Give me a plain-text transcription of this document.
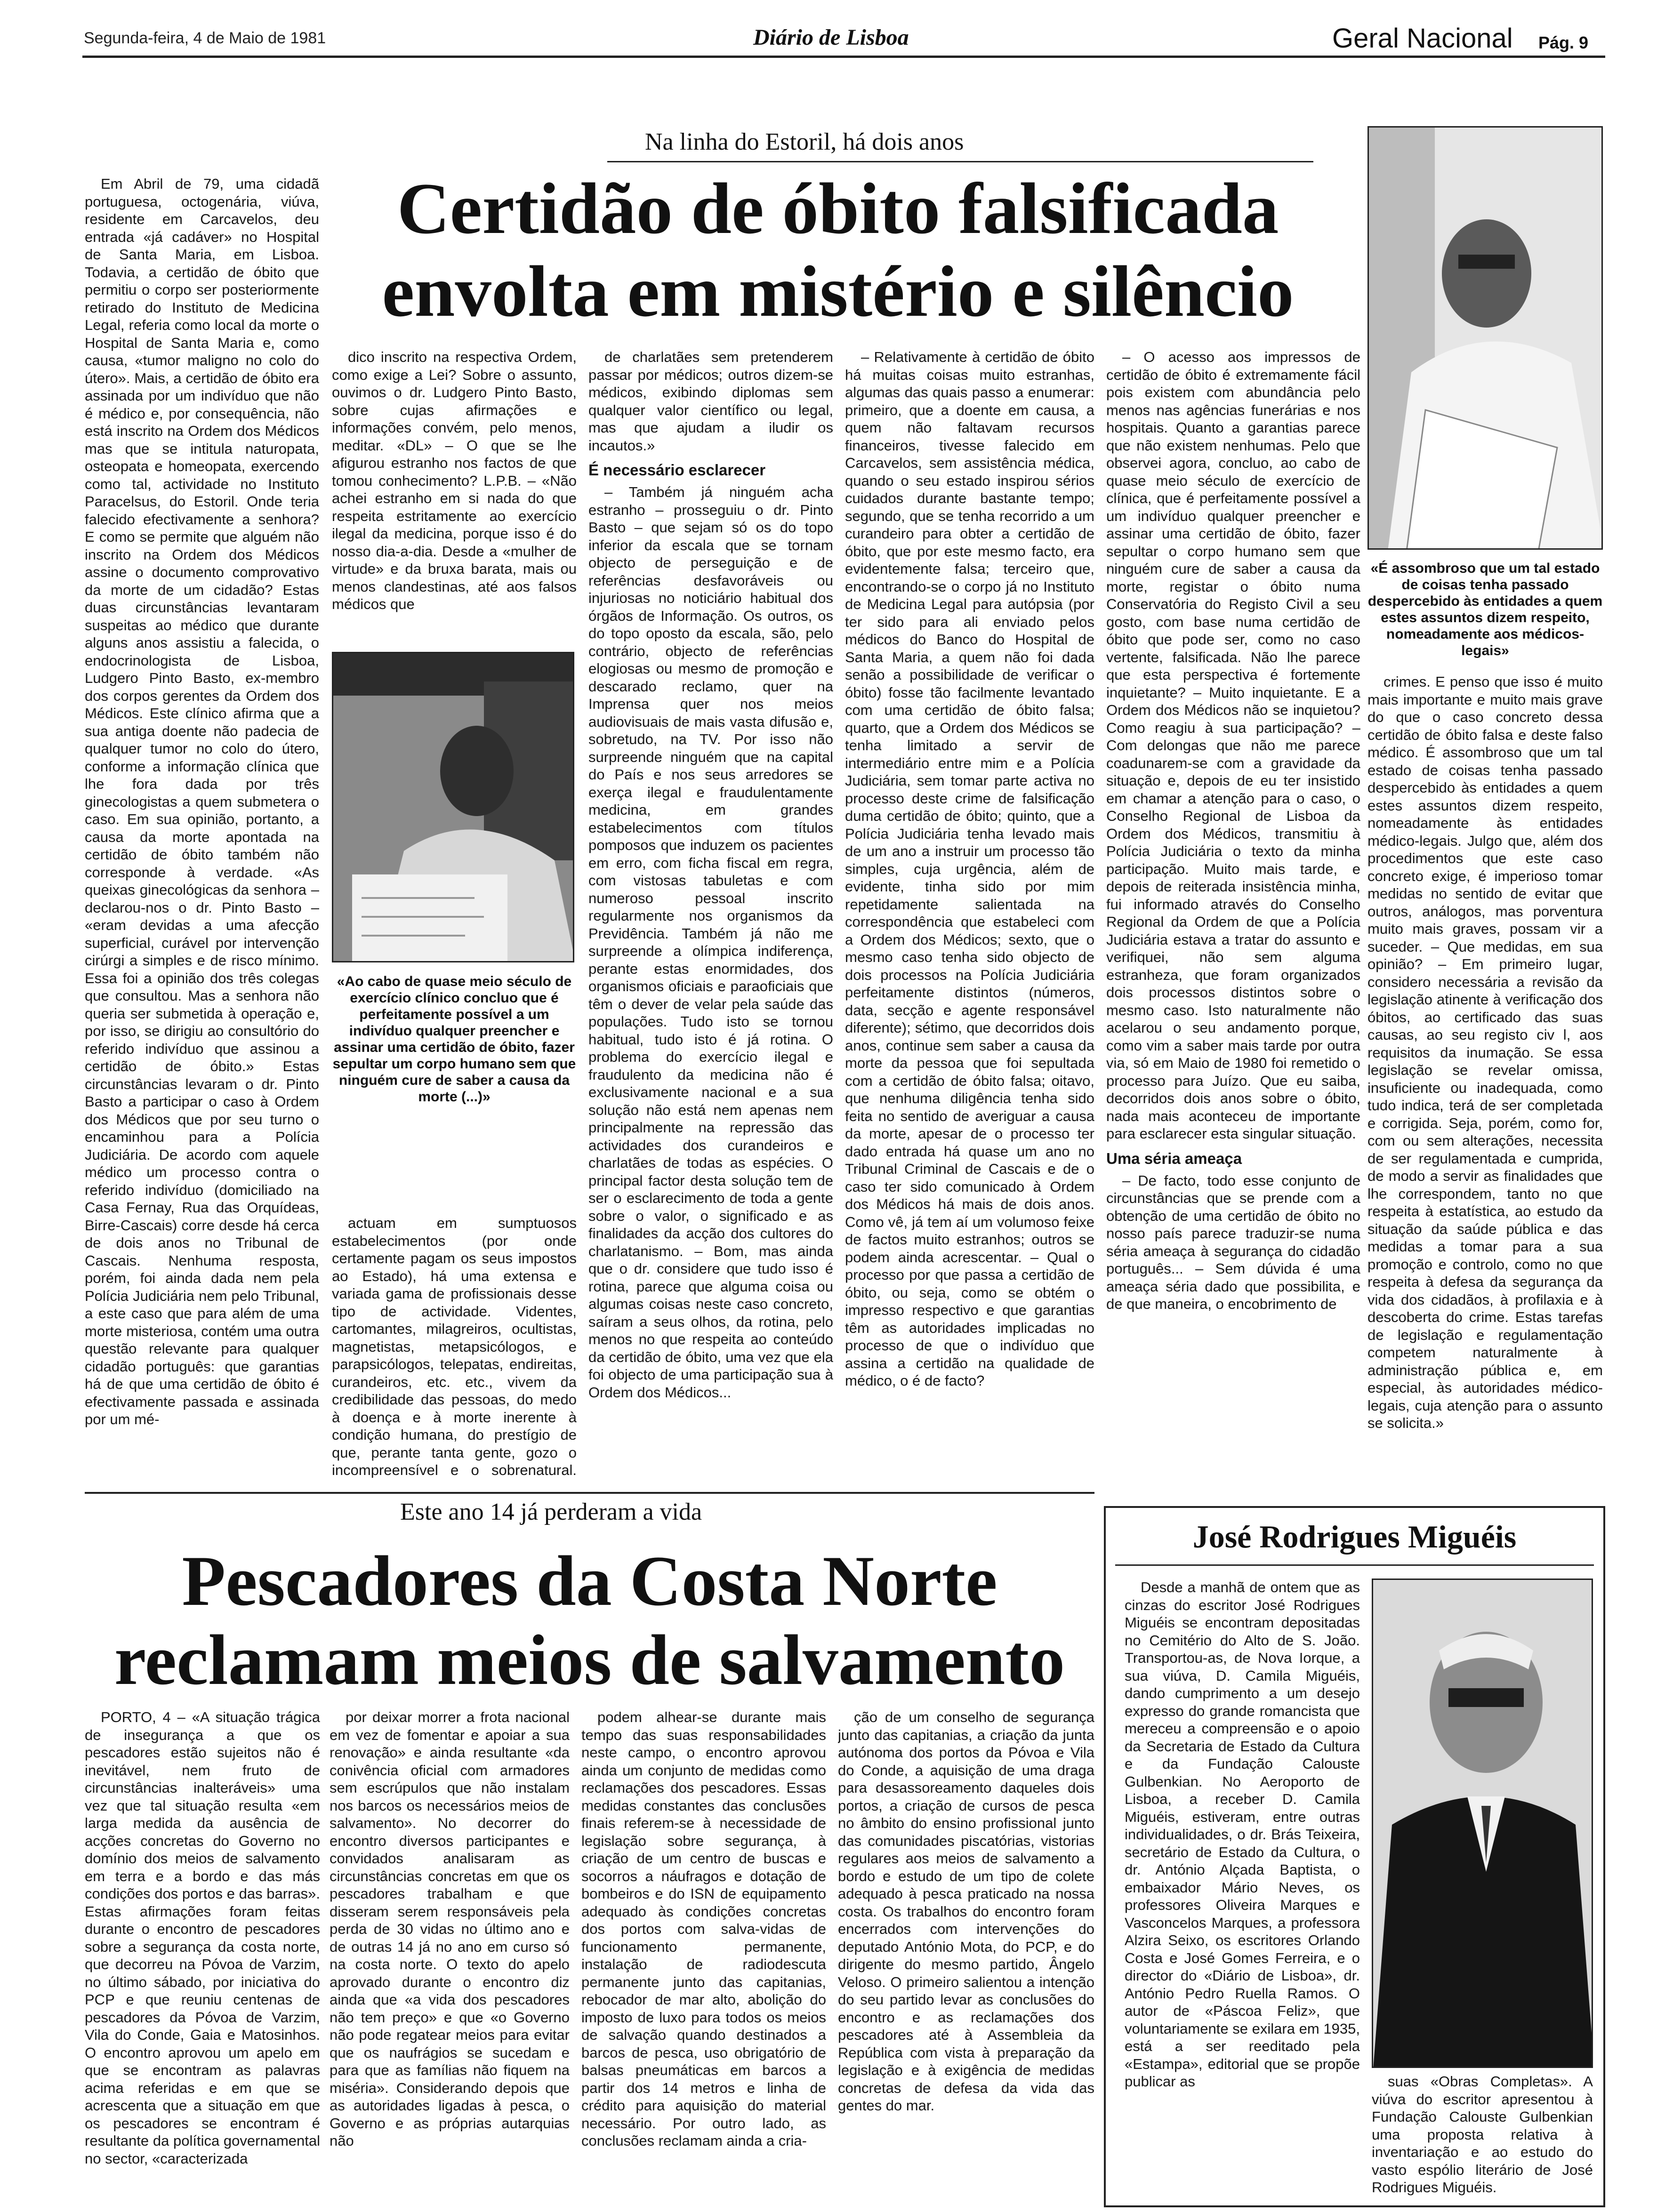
Segunda-feira, 4 de Maio de 1981	Diário de Lisboa	Geral Nacional Pág. 9
Na linha do Estoril, há dois anos
Certidão de óbito falsificada
envolta em mistério e silêncio

Em Abril de 79, uma cidadã portuguesa, octogenária, viúva, residente em Carcavelos, deu entrada «já cadáver» no Hospital de Santa Maria, em Lisboa. Todavia, a certidão de óbito que permitiu o corpo ser posteriormente retirado do Instituto de Medicina Legal, referia como local da morte o Hospital de Santa Maria e, como causa, «tumor maligno no colo do útero». Mais, a certidão de óbito era assinada por um indivíduo que não é médico e, por consequência, não está inscrito na Ordem dos Médicos mas que se intitula naturopata, osteopata e homeopata, exercendo como tal, actividade no Instituto Paracelsus, do Estoril. Onde teria falecido efectivamente a senhora? E como se permite que alguém não inscrito na Ordem dos Médicos assine o documento comprovativo da morte de um cidadão? Estas duas circunstâncias levantaram suspeitas ao médico que durante alguns anos assistiu a falecida, o endocrinologista de Lisboa, Ludgero Pinto Basto, ex-membro dos corpos gerentes da Ordem dos Médicos. Este clínico afirma que a sua antiga doente não padecia de qualquer tumor no colo do útero, conforme a informação clínica que lhe fora dada por três ginecologistas a quem submetera o caso. Em sua opinião, portanto, a causa da morte apontada na certidão de óbito também não corresponde à verdade. «As queixas ginecológicas da senhora – declarou-nos o dr. Pinto Basto – «eram devidas a uma afecção superficial, curável por intervenção cirúrgi a simples e de risco mínimo. Essa foi a opinião dos três colegas que consultou. Mas a senhora não queria ser submetida à operação e, por isso, se dirigiu ao consultório do referido indivíduo que assinou a certidão de óbito.» Estas circunstâncias levaram o dr. Pinto Basto a participar o caso à Ordem dos Médicos que por seu turno o encaminhou para a Polícia Judiciária. De acordo com aquele médico um processo contra o referido indivíduo (domiciliado na Casa Fernay, Rua das Orquídeas, Birre-Cascais) corre desde há cerca de dois anos no Tribunal de Cascais. Nenhuma resposta, porém, foi ainda dada nem pela Polícia Judiciária nem pelo Tribunal, a este caso que para além de uma morte misteriosa, contém uma outra questão relevante para qualquer cidadão português: que garantias há de que uma certidão de óbito é efectivamente passada e assinada por um mé-

dico inscrito na respectiva Ordem, como exige a Lei? Sobre o assunto, ouvimos o dr. Ludgero Pinto Basto, sobre cujas afirmações e informações convém, pelo menos, meditar. «DL» – O que se lhe afigurou estranho nos factos de que tomou conhecimento? L.P.B. – «Não achei estranho em si nada do que respeita estritamente ao exercício ilegal da medicina, porque isso é do nosso dia-a-dia. Desde a «mulher de virtude» e da bruxa barata, mais ou menos clandestinas, até aos falsos médicos que

«Ao cabo de quase meio século de exercício clínico concluo que é perfeitamente possível a um indivíduo qualquer preencher e assinar uma certidão de óbito, fazer sepultar um corpo humano sem que ninguém cure de saber a causa da morte (...)»

actuam em sumptuosos estabelecimentos (por onde certamente pagam os seus impostos ao Estado), há uma extensa e variada gama de profissionais desse tipo de actividade. Videntes, cartomantes, milagreiros, ocultistas, magnetistas, metapsicólogos, e parapsicólogos, telepatas, endireitas, curandeiros, etc. etc., vivem da credibilidade das pessoas, do medo à doença e à morte inerente à condição humana, do prestígio de que, perante tanta gente, gozo o incompreensível e o sobrenatural.

de charlatães sem pretenderem passar por médicos; outros dizem-se médicos, exibindo diplomas sem qualquer valor científico ou legal, mas que ajudam a iludir os incautos.»

É necessário esclarecer

– Também já ninguém acha estranho – prosseguiu o dr. Pinto Basto – que sejam só os do topo inferior da escala que se tornam objecto de perseguição e de referências desfavoráveis ou injuriosas no noticiário habitual dos órgãos de Informação. Os outros, os do topo oposto da escala, são, pelo contrário, objecto de referências elogiosas ou mesmo de promoção e descarado reclamo, quer na Imprensa quer nos meios audiovisuais de mais vasta difusão e, sobretudo, na TV. Por isso não surpreende ninguém que na capital do País e nos seus arredores se exerça ilegal e fraudulentamente medicina, em grandes estabelecimentos com títulos pomposos que induzem os pacientes em erro, com ficha fiscal em regra, com vistosas tabuletas e com numeroso pessoal inscrito regularmente nos organismos da Previdência. Também já não me surpreende a olímpica indiferença, perante estas enormidades, dos organismos oficiais e paraoficiais que têm o dever de velar pela saúde das populações. Tudo isto se tornou habitual, tudo isto é já rotina. O problema do exercício ilegal e fraudulento da medicina não é exclusivamente nacional e a sua solução não está nem apenas nem principalmente na repressão das actividades dos curandeiros e charlatães de todas as espécies. O principal factor desta solução tem de ser o esclarecimento de toda a gente sobre o valor, o significado e as finalidades da acção dos cultores do charlatanismo. – Bom, mas ainda que o dr. considere que tudo isso é rotina, parece que alguma coisa ou algumas coisas neste caso concreto, saíram a seus olhos, da rotina, pelo menos no que respeita ao conteúdo da certidão de óbito, uma vez que ela foi objecto de uma participação sua à Ordem dos Médicos...

– Relativamente à certidão de óbito há muitas coisas muito estranhas, algumas das quais passo a enumerar: primeiro, que a doente em causa, a quem não faltavam recursos financeiros, tivesse falecido em Carcavelos, sem assistência médica, quando o seu estado inspirou sérios cuidados durante bastante tempo; segundo, que se tenha recorrido a um curandeiro para obter a certidão de óbito, que por este mesmo facto, era evidentemente falsa; terceiro que, encontrando-se o corpo já no Instituto de Medicina Legal para autópsia (por ter sido para ali enviado pelos médicos do Banco do Hospital de Santa Maria, a quem não foi dada senão a possibilidade de verificar o óbito) fosse tão facilmente levantado com uma certidão de óbito falsa; quarto, que a Ordem dos Médicos se tenha limitado a servir de intermediário entre mim e a Polícia Judiciária, sem tomar parte activa no processo deste crime de falsificação duma certidão de óbito; quinto, que a Polícia Judiciária tenha levado mais de um ano a instruir um processo tão simples, cuja urgência, além de evidente, tinha sido por mim repetidamente salientada na correspondência que estabeleci com a Ordem dos Médicos; sexto, que o mesmo caso tenha sido objecto de dois processos na Polícia Judiciária perfeitamente distintos (números, data, secção e agente responsável diferente); sétimo, que decorridos dois anos, continue sem saber a causa da morte da pessoa que foi sepultada com a certidão de óbito falsa; oitavo, que nenhuma diligência tenha sido feita no sentido de averiguar a causa da morte, apesar de o processo ter dado entrada há quase um ano no Tribunal Criminal de Cascais e de o caso ter sido comunicado à Ordem dos Médicos há mais de dois anos. Como vê, já tem aí um volumoso feixe de factos muito estranhos; outros se podem ainda acrescentar. – Qual o processo por que passa a certidão de óbito, ou seja, como se obtém o impresso respectivo e que garantias têm as autoridades implicadas no processo de que o indivíduo que assina a certidão na qualidade de médico, o é de facto?

– O acesso aos impressos de certidão de óbito é extremamente fácil pois existem com abundância pelo menos nas agências funerárias e nos hospitais. Quanto a garantias parece que não existem nenhumas. Pelo que observei agora, concluo, ao cabo de quase meio século de exercício de clínica, que é perfeitamente possível a um indivíduo qualquer preencher e assinar uma certidão de óbito, fazer sepultar o corpo humano sem que ninguém cure de saber a causa da morte, registar o óbito numa Conservatória do Registo Civil a seu gosto, com base numa certidão de óbito que pode ser, como no caso vertente, falsificada. Não lhe parece que esta perspectiva é fortemente inquietante? – Muito inquietante. E a Ordem dos Médicos não se inquietou? Como reagiu à sua participação? – Com delongas que não me parece coadunarem-se com a gravidade da situação e, depois de eu ter insistido em chamar a atenção para o caso, o Conselho Regional de Lisboa da Ordem dos Médicos, transmitiu à Polícia Judiciária o texto da minha participação. Muito mais tarde, e depois de reiterada insistência minha, fui informado através do Conselho Regional da Ordem de que a Polícia Judiciária estava a tratar do assunto e verifiquei, não sem alguma estranheza, que foram organizados dois processos distintos sobre o mesmo caso. Isto naturalmente não acelarou o seu andamento porque, como vim a saber mais tarde por outra via, só em Maio de 1980 foi remetido o processo para Juízo. Que eu saiba, decorridos dois anos sobre o óbito, nada mais aconteceu de importante para esclarecer esta singular situação.

Uma séria ameaça

– De facto, todo esse conjunto de circunstâncias que se prende com a obtenção de uma certidão de óbito no nosso país parece traduzir-se numa séria ameaça à segurança do cidadão português... – Sem dúvida é uma ameaça séria dado que possibilita, e de que maneira, o encobrimento de

«É assombroso que um tal estado de coisas tenha passado despercebido às entidades a quem estes assuntos dizem respeito, nomeadamente aos médicos-legais»

crimes. E penso que isso é muito mais importante e muito mais grave do que o caso concreto dessa certidão de óbito falsa e deste falso médico. É assombroso que um tal estado de coisas tenha passado despercebido às entidades a quem estes assuntos dizem respeito, nomeadamente às entidades médico-legais. Julgo que, além dos procedimentos que este caso concreto exige, é imperioso tomar medidas no sentido de evitar que outros, análogos, mas porventura muito mais graves, possam vir a suceder. – Que medidas, em sua opinião? – Em primeiro lugar, considero necessária a revisão da legislação atinente à verificação dos óbitos, ao certificado das suas causas, ao seu registo civ l, aos requisitos da inumação. Se essa legislação se revelar omissa, insuficiente ou inadequada, como tudo indica, terá de ser completada e corrigida. Seja, porém, como for, com ou sem alterações, necessita de ser regulamentada e cumprida, de modo a servir as finalidades que lhe correspondem, tanto no que respeita à estatística, ao estudo da situação da saúde pública e das medidas a tomar para a sua promoção e controlo, como no que respeita à defesa da segurança da vida dos cidadãos, à profilaxia e à descoberta do crime. Estas tarefas de legislação e regulamentação competem naturalmente à administração pública e, em especial, às autoridades médico-legais, cuja atenção para o assunto se solicita.»

Este ano 14 já perderam a vida
Pescadores da Costa Norte
reclamam meios de salvamento

PORTO, 4 – «A situação trágica de insegurança a que os pescadores estão sujeitos não é inevitável, nem fruto de circunstâncias inalteráveis» uma vez que tal situação resulta «em larga medida da ausência de acções concretas do Governo no domínio dos meios de salvamento em terra e a bordo e das más condições dos portos e das barras». Estas afirmações foram feitas durante o encontro de pescadores sobre a segurança da costa norte, que decorreu na Póvoa de Varzim, no último sábado, por iniciativa do PCP e que reuniu centenas de pescadores da Póvoa de Varzim, Vila do Conde, Gaia e Matosinhos. O encontro aprovou um apelo em que se encontram as palavras acima referidas e em que se acrescenta que a situação em que os pescadores se encontram é resultante da política governamental no sector, «caracterizada

por deixar morrer a frota nacional em vez de fomentar e apoiar a sua renovação» e ainda resultante «da conivência oficial com armadores sem escrúpulos que não instalam nos barcos os necessários meios de salvamento». No decorrer do encontro diversos participantes e convidados analisaram as circunstâncias concretas em que os pescadores trabalham e que disseram serem responsáveis pela perda de 30 vidas no último ano e de outras 14 já no ano em curso só na costa norte. O texto do apelo aprovado durante o encontro diz ainda que «a vida dos pescadores não tem preço» e que «o Governo não pode regatear meios para evitar que os naufrágios se sucedam e para que as famílias não fiquem na miséria». Considerando depois que as autoridades ligadas à pesca, o Governo e as próprias autarquias não

podem alhear-se durante mais tempo das suas responsabilidades neste campo, o encontro aprovou ainda um conjunto de medidas como reclamações dos pescadores. Essas medidas constantes das conclusões finais referem-se à necessidade de legislação sobre segurança, à criação de um centro de buscas e socorros a náufragos e dotação de bombeiros e do ISN de equipamento adequado às condições concretas dos portos com salva-vidas de funcionamento permanente, instalação de radiodescuta permanente junto das capitanias, rebocador de mar alto, abolição do imposto de luxo para todos os meios de salvação quando destinados a barcos de pesca, uso obrigatório de balsas pneumáticas em barcos a partir dos 14 metros e linha de crédito para aquisição do material necessário. Por outro lado, as conclusões reclamam ainda a cria-

ção de um conselho de segurança junto das capitanias, a criação da junta autónoma dos portos da Póvoa e Vila do Conde, a aquisição de uma draga para desassoreamento daqueles dois portos, a criação de cursos de pesca no âmbito do ensino profissional junto das comunidades piscatórias, vistorias regulares aos meios de salvamento a bordo e estudo de um tipo de colete adequado à pesca praticado na nossa costa. Os trabalhos do encontro foram encerrados com intervenções do deputado António Mota, do PCP, e do dirigente do mesmo partido, Ângelo Veloso. O primeiro salientou a intenção do seu partido levar as conclusões do encontro e as reclamações dos pescadores até à Assembleia da República com vista à preparação da legislação e à exigência de medidas concretas de defesa da vida das gentes do mar.

José Rodrigues Miguéis

Desde a manhã de ontem que as cinzas do escritor José Rodrigues Miguéis se encontram depositadas no Cemitério do Alto de S. João. Transportou-as, de Nova Iorque, a sua viúva, D. Camila Miguéis, dando cumprimento a um desejo expresso do grande romancista que mereceu a compreensão e o apoio da Secretaria de Estado da Cultura e da Fundação Calouste Gulbenkian. No Aeroporto de Lisboa, a receber D. Camila Miguéis, estiveram, entre outras individualidades, o dr. Brás Teixeira, secretário de Estado da Cultura, o dr. António Alçada Baptista, o embaixador Mário Neves, os professores Oliveira Marques e Vasconcelos Marques, a professora Alzira Seixo, os escritores Orlando Costa e José Gomes Ferreira, e o director do «Diário de Lisboa», dr. António Pedro Ruella Ramos. O autor de «Páscoa Feliz», que voluntariamente se exilara em 1935, está a ser reeditado pela «Estampa», editorial que se propõe publicar as	suas «Obras Completas». A viúva do escritor apresentou à Fundação Calouste Gulbenkian uma proposta relativa à inventariação e ao estudo do vasto espólio literário de José Rodrigues Miguéis.
